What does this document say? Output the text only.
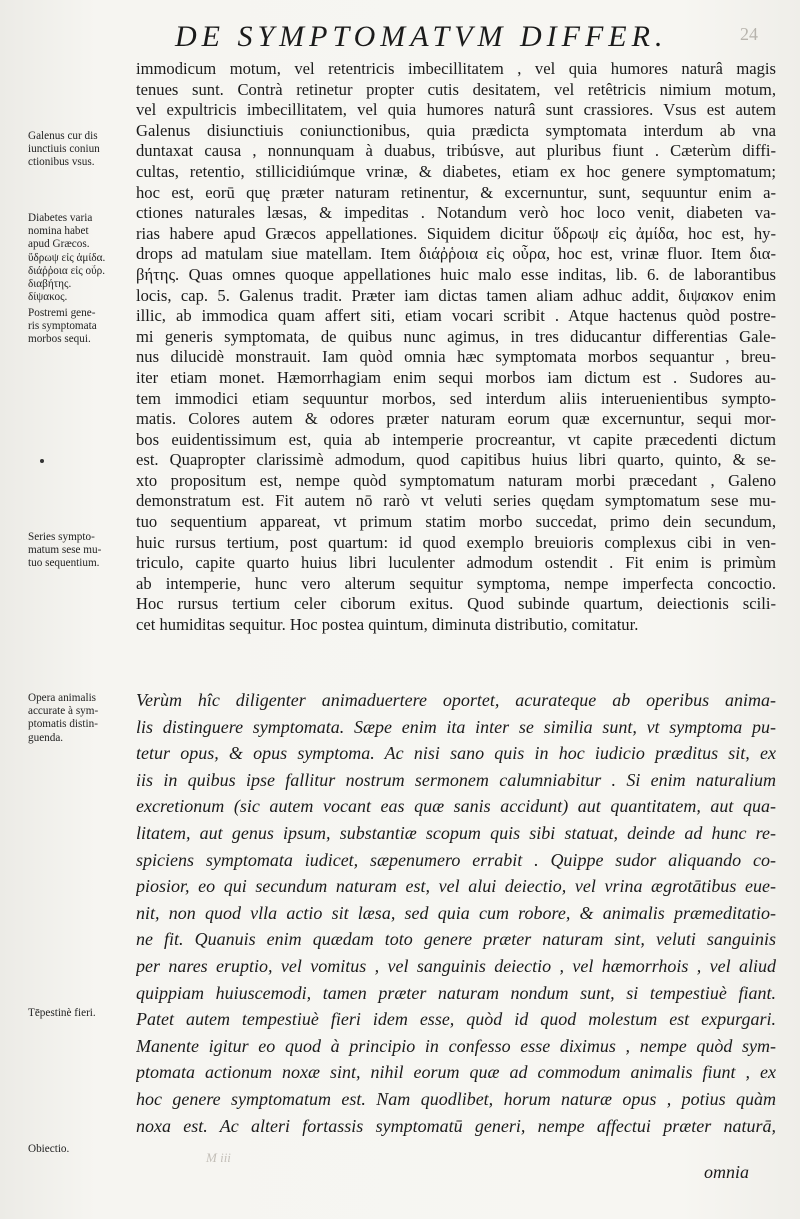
DE SYMPTOMATVM DIFFER.	24
Galenus cur dis
iunctiuis coniun
ctionibus vsus.
Diabetes varia
nomina habet
apud Græcos.
ὕδρωψ εἰς ἀμίδα.
διάῤῥοια εἰς οὖρ.
διαβήτης.
δίψακος.
Postremi gene-
ris symptomata
morbos sequi.
Series sympto-
matum sese mu-
tuo sequentium.
Opera animalis
accurate à sym-
ptomatis distin-
guenda.
Tēpestinè fieri.
Obiectio.
immodicum motum, vel retentricis imbecillitatem , vel quia humores naturâ magis
tenues sunt. Contrà retinetur propter cutis desitatem, vel retêtricis nimium motum,
vel expultricis imbecillitatem, vel quia humores naturâ sunt crassiores. Vsus est autem
Galenus disiunctiuis coniunctionibus, quia prædicta symptomata interdum ab vna
duntaxat causa , nonnunquam à duabus, tribúsve, aut pluribus fiunt . Cæterùm diffi-
cultas, retentio, stillicidiúmque vrinæ, & diabetes, etiam ex hoc genere symptomatum;
hoc est, eorū quę præter naturam retinentur, & excernuntur, sunt, sequuntur enim a-
ctiones naturales læsas, & impeditas . Notandum verò hoc loco venit, diabeten va-
rias habere apud Græcos appellationes. Siquidem dicitur ὕδρωψ εἰς ἀμίδα, hoc est, hy-
drops ad matulam siue matellam. Item διάῤῥοια εἰς οὖρα, hoc est, vrinæ fluor. Item δια-
βήτης. Quas omnes quoque appellationes huic malo esse inditas, lib. 6. de laborantibus
locis, cap. 5. Galenus tradit. Præter iam dictas tamen aliam adhuc addit, διψακον enim
illic, ab immodica quam affert siti, etiam vocari scribit . Atque hactenus quòd postre-
mi generis symptomata, de quibus nunc agimus, in tres diducantur differentias Gale-
nus dilucidè monstrauit. Iam quòd omnia hæc symptomata morbos sequantur , breu-
iter etiam monet. Hæmorrhagiam enim sequi morbos iam dictum est . Sudores au-
tem immodici etiam sequuntur morbos, sed interdum aliis interuenientibus sympto-
matis. Colores autem & odores præter naturam eorum quæ excernuntur, sequi mor-
bos euidentissimum est, quia ab intemperie procreantur, vt capite præcedenti dictum
est. Quapropter clarissimè admodum, quod capitibus huius libri quarto, quinto, & se-
xto propositum est, nempe quòd symptomatum naturam morbi præcedant , Galeno
demonstratum est. Fit autem nō rarò vt veluti series quędam symptomatum sese mu-
tuo sequentium appareat, vt primum statim morbo succedat, primo dein secundum,
huic rursus tertium, post quartum: id quod exemplo breuioris complexus cibi in ven-
triculo, capite quarto huius libri luculenter admodum ostendit . Fit enim is primùm
ab intemperie, hunc vero alterum sequitur symptoma, nempe imperfecta concoctio.
Hoc rursus tertium celer ciborum exitus. Quod subinde quartum, deiectionis scili-
cet humiditas sequitur. Hoc postea quintum, diminuta distributio, comitatur.
Verùm hîc diligenter animaduertere oportet, acurateque ab operibus anima-
lis distinguere symptomata. Sæpe enim ita inter se similia sunt, vt symptoma pu-
tetur opus, & opus symptoma. Ac nisi sano quis in hoc iudicio præditus sit, ex
iis in quibus ipse fallitur nostrum sermonem calumniabitur . Si enim naturalium
excretionum (sic autem vocant eas quæ sanis accidunt) aut quantitatem, aut qua-
litatem, aut genus ipsum, substantiæ scopum quis sibi statuat, deinde ad hunc re-
spiciens symptomata iudicet, sæpenumero errabit . Quippe sudor aliquando co-
piosior, eo qui secundum naturam est, vel alui deiectio, vel vrina ægrotātibus eue-
nit, non quod vlla actio sit læsa, sed quia cum robore, & animalis præmeditatio-
ne fit. Quanuis enim quædam toto genere præter naturam sint, veluti sanguinis
per nares eruptio, vel vomitus , vel sanguinis deiectio , vel hæmorrhois , vel aliud
quippiam huiuscemodi, tamen præter naturam nondum sunt, si tempestiuè fiant.
Patet autem tempestiuè fieri idem esse, quòd id quod molestum est expurgari.
Manente igitur eo quod à principio in confesso esse diximus , nempe quòd sym-
ptomata actionum noxæ sint, nihil eorum quæ ad commodum animalis fiunt , ex
hoc genere symptomatum est. Nam quodlibet, horum naturæ opus , potius quàm
noxa est. Ac alteri fortassis symptomatū generi, nempe affectui præter naturā,
M iii
omnia
